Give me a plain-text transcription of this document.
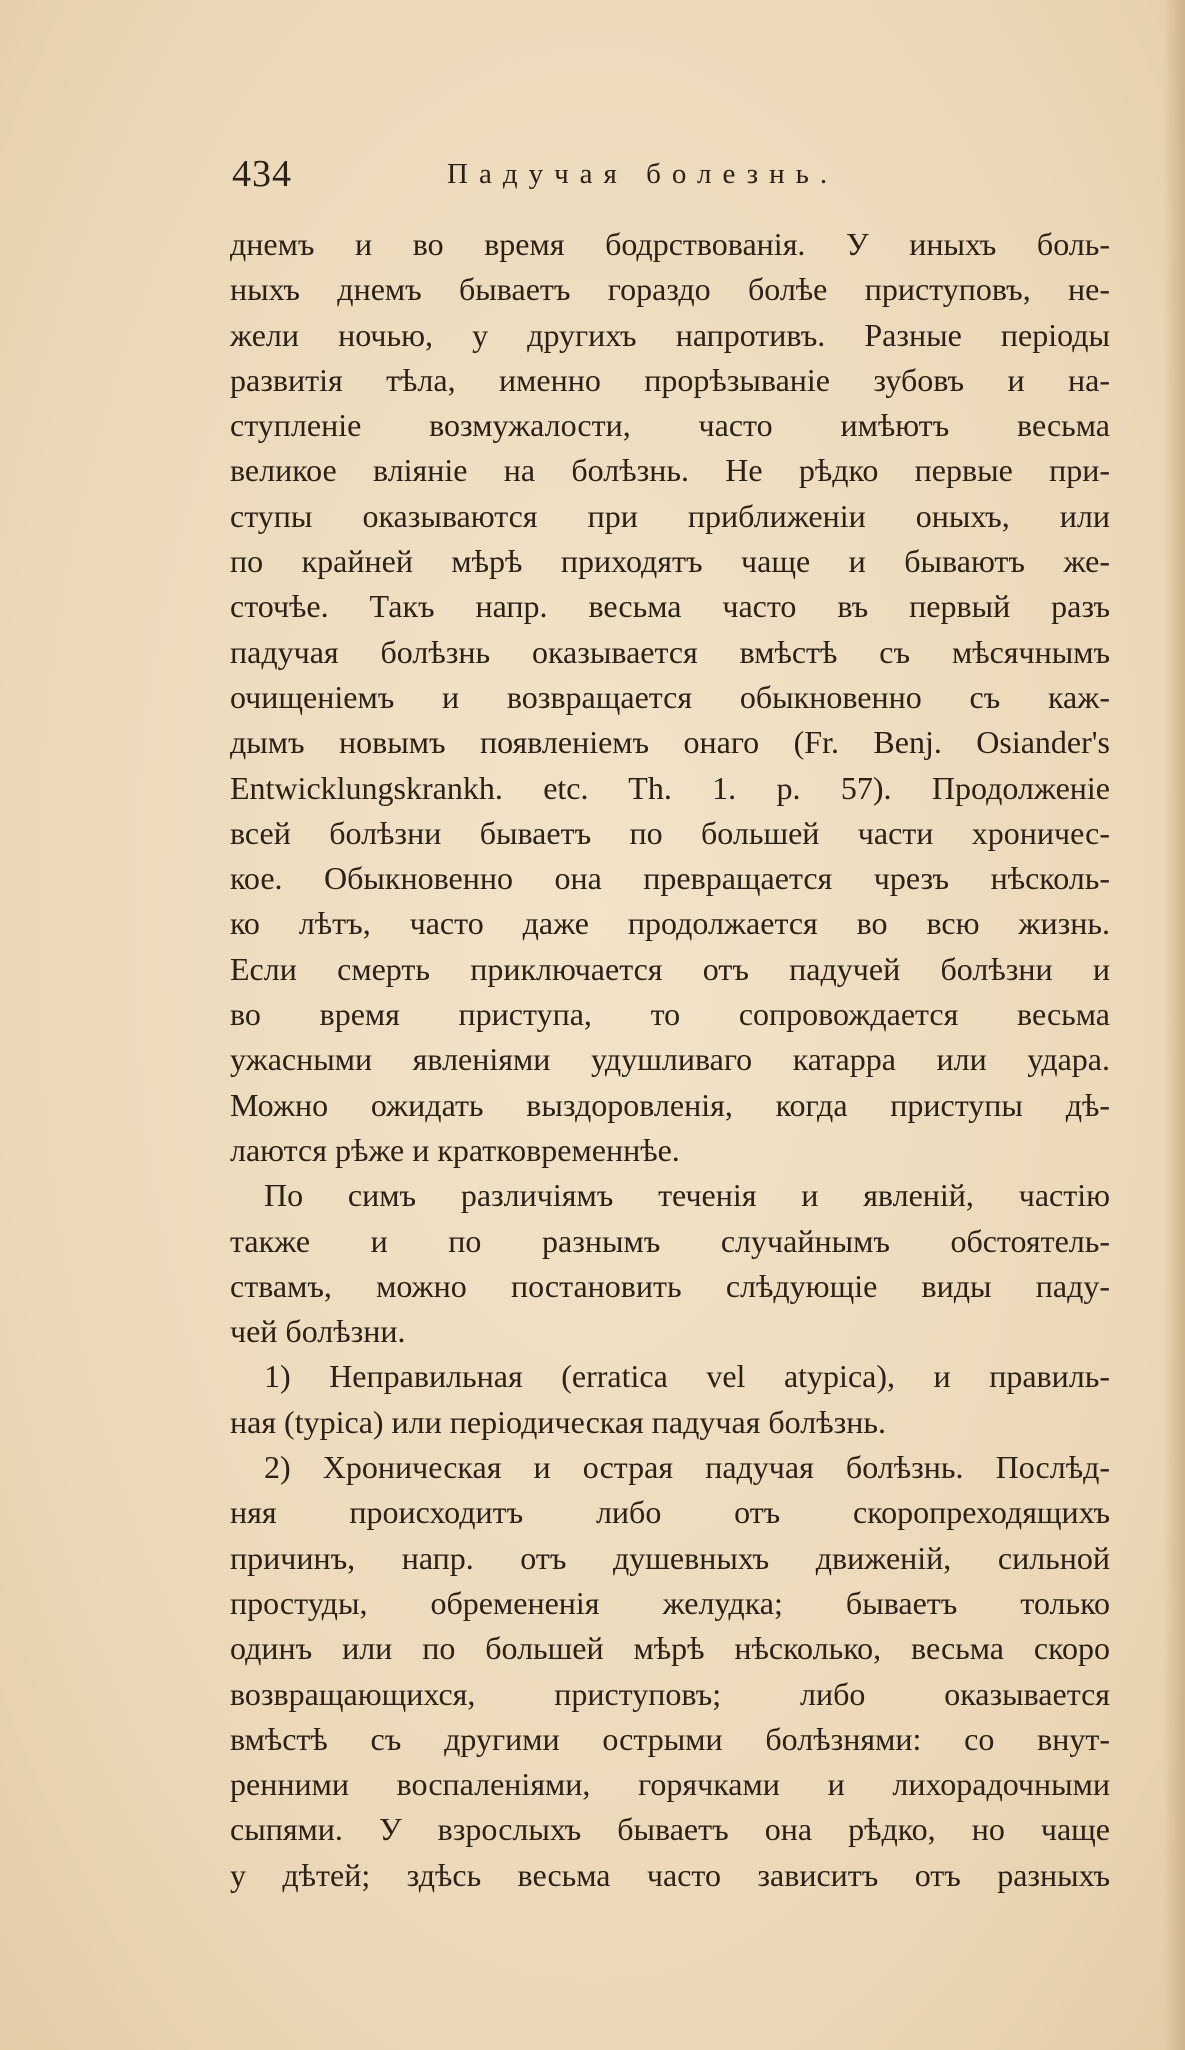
434	Падучая болезнь.
днемъ и во время бодрствованія. У иныхъ боль-
ныхъ днемъ бываетъ гораздо болѣе приступовъ, не-
жели ночью, у другихъ напротивъ. Разные періоды
развитія тѣла, именно прорѣзываніе зубовъ и на-
ступленіе возмужалости, часто имѣютъ весьма
великое вліяніе на болѣзнь. Не рѣдко первые при-
ступы оказываются при приближеніи оныхъ, или
по крайней мѣрѣ приходятъ чаще и бываютъ же-
сточѣе. Такъ напр. весьма часто въ первый разъ
падучая болѣзнь оказывается вмѣстѣ съ мѣсячнымъ
очищеніемъ и возвращается обыкновенно съ каж-
дымъ новымъ появленіемъ онаго (Fr. Benj. Osiander's
Entwicklungskrankh. etc. Th. 1. p. 57). Продолженіе
всей болѣзни бываетъ по большей части хроничес-
кое. Обыкновенно она превращается чрезъ нѣсколь-
ко лѣтъ, часто даже продолжается во всю жизнь.
Если смерть приключается отъ падучей болѣзни и
во время приступа, то сопровождается весьма
ужасными явленіями удушливаго катарра или удара.
Можно ожидать выздоровленія, когда приступы дѣ-
лаются рѣже и кратковременнѣе.
По симъ различіямъ теченія и явленій, частію
также и по разнымъ случайнымъ обстоятель-
ствамъ, можно постановить слѣдующіе виды паду-
чей болѣзни.
1) Неправильная (erratica vel atypica), и правиль-
ная (typica) или періодическая падучая болѣзнь.
2) Хроническая и острая падучая болѣзнь. Послѣд-
няя происходитъ либо отъ скоропреходящихъ
причинъ, напр. отъ душевныхъ движеній, сильной
простуды, обремененія желудка; бываетъ только
одинъ или по большей мѣрѣ нѣсколько, весьма скоро
возвращающихся, приступовъ; либо оказывается
вмѣстѣ съ другими острыми болѣзнями: со внут-
ренними воспаленіями, горячками и лихорадочными
сыпями. У взрослыхъ бываетъ она рѣдко, но чаще
у дѣтей; здѣсь весьма часто зависитъ отъ разныхъ
